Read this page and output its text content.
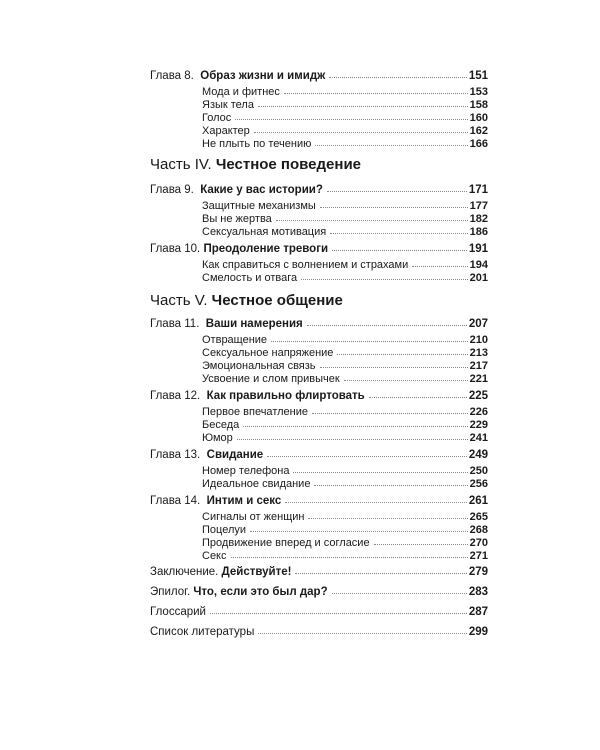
Глава 8. Образ жизни и имидж	151
Мода и фитнес	153
Язык тела	158
Голос	160
Характер	162
Не плыть по течению	166
Часть IV. Честное поведение
Глава 9. Какие у вас истории?	171
Защитные механизмы	177
Вы не жертва	182
Сексуальная мотивация	186
Глава 10. Преодоление тревоги	191
Как справиться с волнением и страхами	194
Смелость и отвага	201
Часть V. Честное общение
Глава 11. Ваши намерения	207
Отвращение	210
Сексуальное напряжение	213
Эмоциональная связь	217
Усвоение и слом привычек	221
Глава 12. Как правильно флиртовать	225
Первое впечатление	226
Беседа	229
Юмор	241
Глава 13. Свидание	249
Номер телефона	250
Идеальное свидание	256
Глава 14. Интим и секс	261
Сигналы от женщин	265
Поцелуи	268
Продвижение вперед и согласие	270
Секс	271
Заключение. Действуйте!	279
Эпилог. Что, если это был дар?	283
Глоссарий	287
Список литературы	299
